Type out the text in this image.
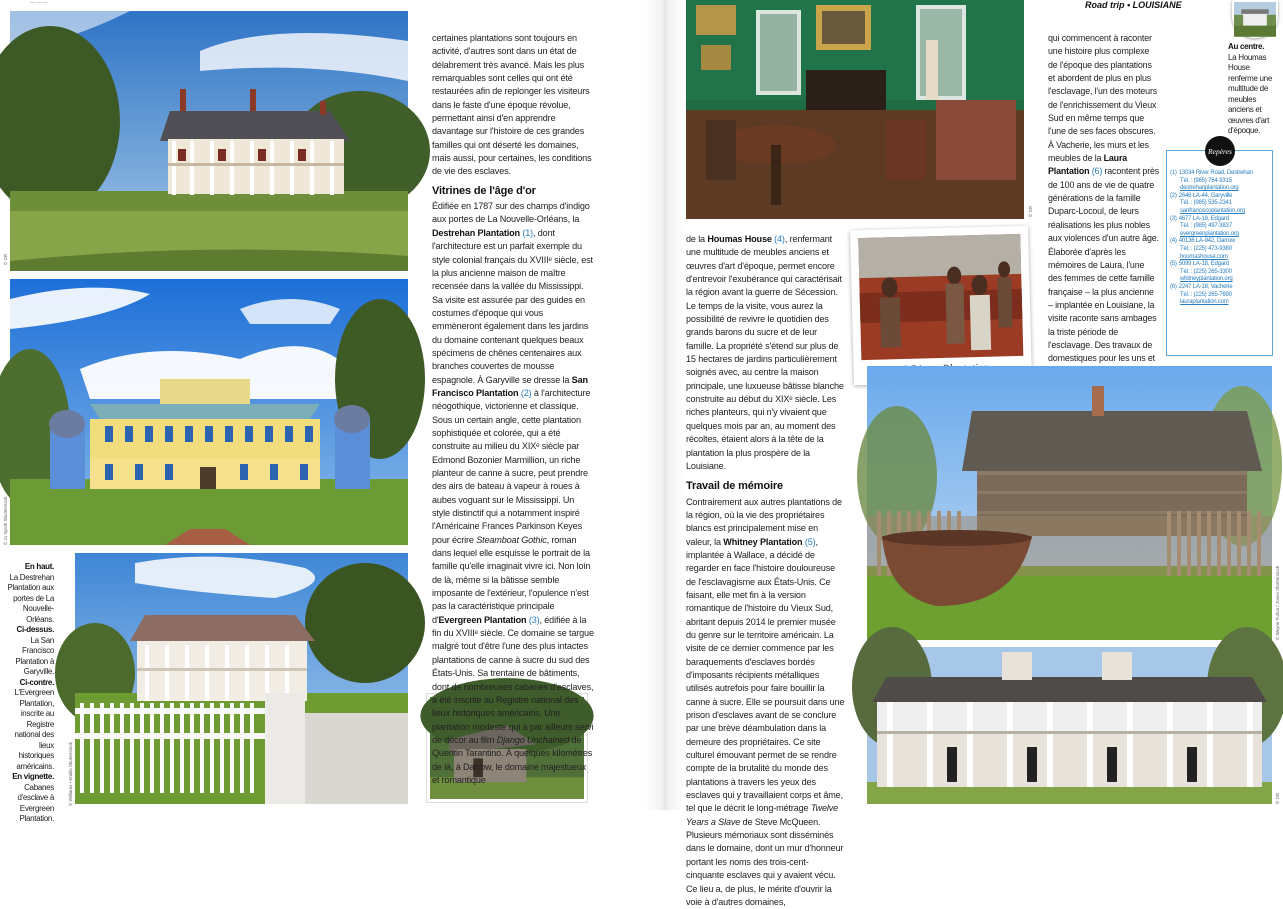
— — —	Road trip • LOUISIANE
© DR
© 11 Spurk Shutterstock
© Williams • Emilia Shutterstock
En haut.
La Destrehan Plantation aux portes de La Nouvelle-Orléans.
Ci-dessus.
La San Francisco Plantation à Garyville.
Ci-contre.
L'Evergreen Plantation, inscrite au Registre national des lieux historiques américains.
En vignette.
Cabanes d'esclave à Evergreen Plantation.

certaines plantations sont toujours en activité, d'autres sont dans un état de délabrement très avancé. Mais les plus remarquables sont celles qui ont été restaurées afin de replonger les visiteurs dans le faste d'une époque révolue, permettant ainsi d'en apprendre davantage sur l'histoire de ces grandes familles qui ont déserté les domaines, mais aussi, pour certaines, les conditions de vie des esclaves.

Vitrines de l'âge d'or

Édifiée en 1787 sur des champs d'indigo aux portes de La Nouvelle-Orléans, la Destrehan Plantation (1), dont l'architecture est un parfait exemple du style colonial français du XVIIIᵉ siècle, est la plus ancienne maison de maître recensée dans la vallée du Mississippi. Sa visite est assurée par des guides en costumes d'époque qui vous emmèneront également dans les jardins du domaine contenant quelques beaux spécimens de chênes centenaires aux branches couvertes de mousse espagnole. À Garyville se dresse la San Francisco Plantation (2) à l'architecture néogothique, victorienne et classique. Sous un certain angle, cette plantation sophistiquée et colorée, qui a été construite au milieu du XIXᵉ siècle par Edmond Bozonier Marmillion, un riche planteur de canne à sucre, peut prendre des airs de bateau à vapeur à roues à aubes voguant sur le Mississippi. Un style distinctif qui a notamment inspiré l'Américaine Frances Parkinson Keyes pour écrire Steamboat Gothic, roman dans lequel elle esquisse le portrait de la famille qu'elle imaginait vivre ici. Non loin de là, même si la bâtisse semble imposante de l'extérieur, l'opulence n'est pas la caractéristique principale d'Evergreen Plantation (3), édifiée à la fin du XVIIIᵉ siècle. Ce domaine se targue malgré tout d'être l'une des plus intactes plantations de canne à sucre du sud des États-Unis. Sa trentaine de bâtiments, dont de nombreuses cabanes d'esclaves, a été inscrite au Registre national des lieux historiques américains. Une plantation modeste qui a par ailleurs servi de décor au film Django Unchained de Quentin Tarantino. À quelques kilomètres de là, à Darrow, le domaine majestueux et romantique

© DR

de la Houmas House (4), renfermant une multitude de meubles anciens et œuvres d'art d'époque, permet encore d'entrevoir l'exubérance qui caractérisait la région avant la guerre de Sécession. Le temps de la visite, vous aurez la possibilité de revivre le quotidien des grands barons du sucre et de leur famille. La propriété s'étend sur plus de 15 hectares de jardins particulièrement soignés avec, au centre la maison principale, une luxueuse bâtisse blanche construite au début du XIXᵉ siècle. Les riches planteurs, qui n'y vivaient que quelques mois par an, au moment des récoltes, étaient alors à la tête de la plantation la plus prospère de la Louisiane.

Travail de mémoire

Contrairement aux autres plantations de la région, où la vie des propriétaires blancs est principalement mise en valeur, la Whitney Plantation (5), implantée à Wallace, a décidé de regarder en face l'histoire douloureuse de l'esclavagisme aux États-Unis. Ce faisant, elle met fin à la version romantique de l'histoire du Vieux Sud, abritant depuis 2014 le premier musée du genre sur le territoire américain. La visite de ce dernier commence par les baraquements d'esclaves bordés d'imposants récipients métalliques utilisés autrefois pour faire bouillir la canne à sucre. Elle se poursuit dans une prison d'esclaves avant de se conclure par une brève déambulation dans la demeure des propriétaires. Ce site culturel émouvant permet de se rendre compte de la brutalité du monde des plantations à travers les yeux des esclaves qui y travaillaient corps et âme, tel que le décrit le long-métrage Twelve Years a Slave de Steve McQueen. Plusieurs mémoriaux sont disséminés dans le domaine, dont un mur d'honneur portant les noms des trois-cent-cinquante esclaves qui y avaient vécu. Ce lieu a, de plus, le mérite d'ouvrir la voie à d'autres domaines,

qui commencent à raconter une histoire plus complexe de l'époque des plantations et abordent de plus en plus l'esclavage, l'un des moteurs de l'enrichissement du Vieux Sud en même temps que l'une de ses faces obscures. À Vacherie, les murs et les meubles de la Laura Plantation (6) racontent près de 100 ans de vie de quatre générations de la famille Duparc-Locoul, de leurs réalisations les plus nobles aux violences d'un autre âge. Élaborée d'après les mémoires de Laura, l'une des femmes de cette famille française – la plus ancienne – implantée en Louisiane, la visite raconte sans ambages la triste période de l'esclavage. Des travaux de domestiques pour les uns et

Au centre.
La Houmas House renferme une multitude de meubles anciens et œuvres d'art d'époque.
Repères
(1) 13034 River Road, Destrehan
Tél. : (985) 764-9315
destrehanplantation.org
(2) 2646 LA-44, Garyville
Tél. : (985) 535-2341
sanfranciscoplantation.org
(3) 4677 LA-18, Edgard
Tél. : (985) 497-3837
evergreenplantation.org
(4) 40136 LA-942, Darrow
Tél. : (225) 473-9380
houmashouse.com
(5) 5099 LA-18, Edgard
Tél. : (225) 265-3300
whitneyplantation.org
(6) 2247 LA-18, Vacherie
Tél. : (225) 265-7690
lauraplantation.com
© Wayne Fulton / Jones Shutterstock
© DR
